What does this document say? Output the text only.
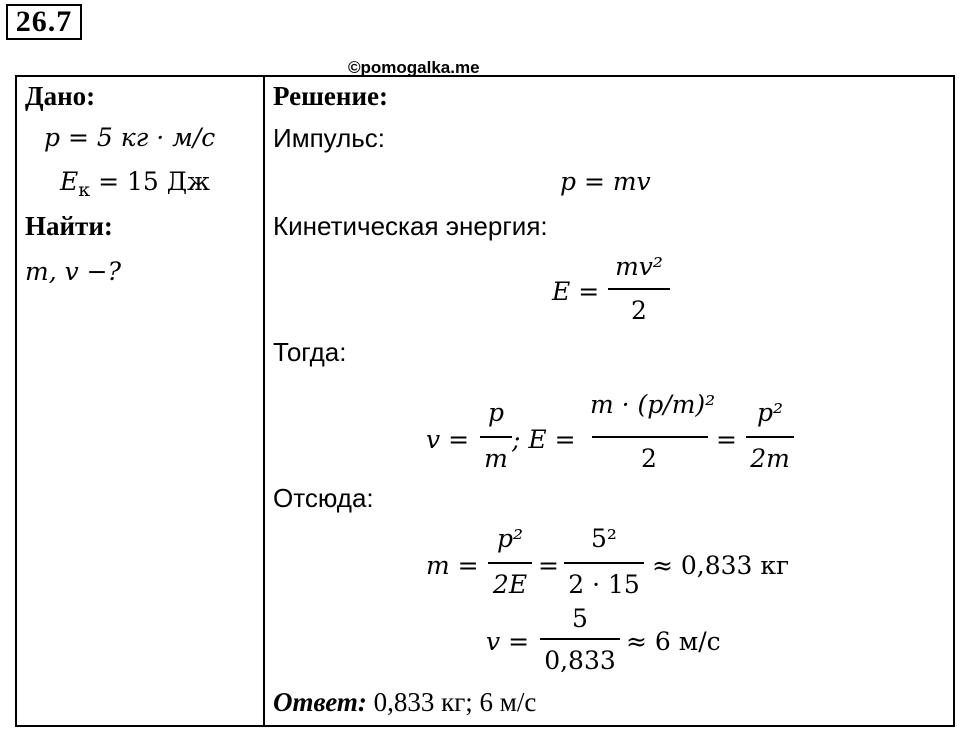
26.7
©pomogalka.me
Дано:
p = 5 кг · м/с
$E_к = 15$ Дж
Найти:
m, v −?
Решение:
Импульс:
p = mv
Кинетическая энергия:
E =
mv²
2
Тогда:
v =
p
m
; E =
m · (p/m)²
2
=
p²
2m
Отсюда:
m =
p²
2E
=
5²
2 · 15
≈ 0,833 кг
v =
5
0,833
≈ 6 м/с
Ответ: 0,833 кг; 6 м/с
